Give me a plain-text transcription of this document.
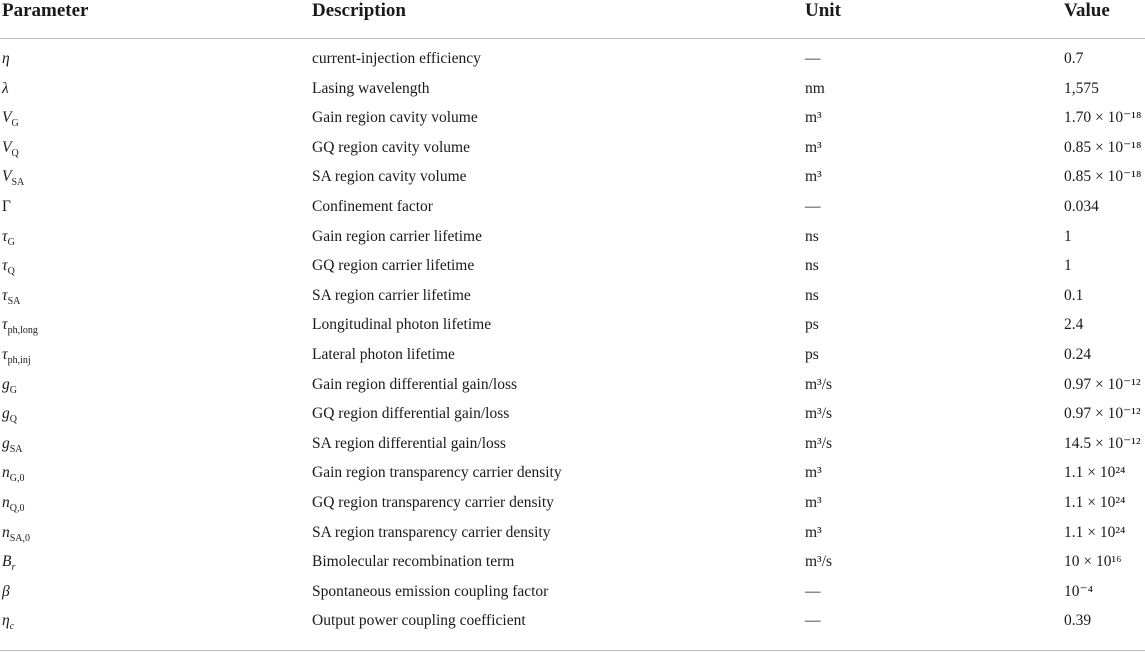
Parameter	Description	Unit	Value
η	current-injection efficiency	—	0.7
λ	Lasing wavelength	nm	1,575
$V_G$	Gain region cavity volume	m³	1.70 × 10⁻¹⁸
$V_Q$	GQ region cavity volume	m³	0.85 × 10⁻¹⁸
$V_{SA}$	SA region cavity volume	m³	0.85 × 10⁻¹⁸
Γ	Confinement factor	—	0.034
$\tau_G$	Gain region carrier lifetime	ns	1
$\tau_Q$	GQ region carrier lifetime	ns	1
$\tau_{SA}$	SA region carrier lifetime	ns	0.1
$\tau_{ph,long}$	Longitudinal photon lifetime	ps	2.4
$\tau_{ph,inj}$	Lateral photon lifetime	ps	0.24
$g_G$	Gain region differential gain/loss	m³/s	0.97 × 10⁻¹²
$g_Q$	GQ region differential gain/loss	m³/s	0.97 × 10⁻¹²
$g_{SA}$	SA region differential gain/loss	m³/s	14.5 × 10⁻¹²
$n_{G,0}$	Gain region transparency carrier density	m³	1.1 × 10²⁴
$n_{Q,0}$	GQ region transparency carrier density	m³	1.1 × 10²⁴
$n_{SA,0}$	SA region transparency carrier density	m³	1.1 × 10²⁴
$B_r$	Bimolecular recombination term	m³/s	10 × 10¹⁶
β	Spontaneous emission coupling factor	—	10⁻⁴
$\eta_c$	Output power coupling coefficient	—	0.39
